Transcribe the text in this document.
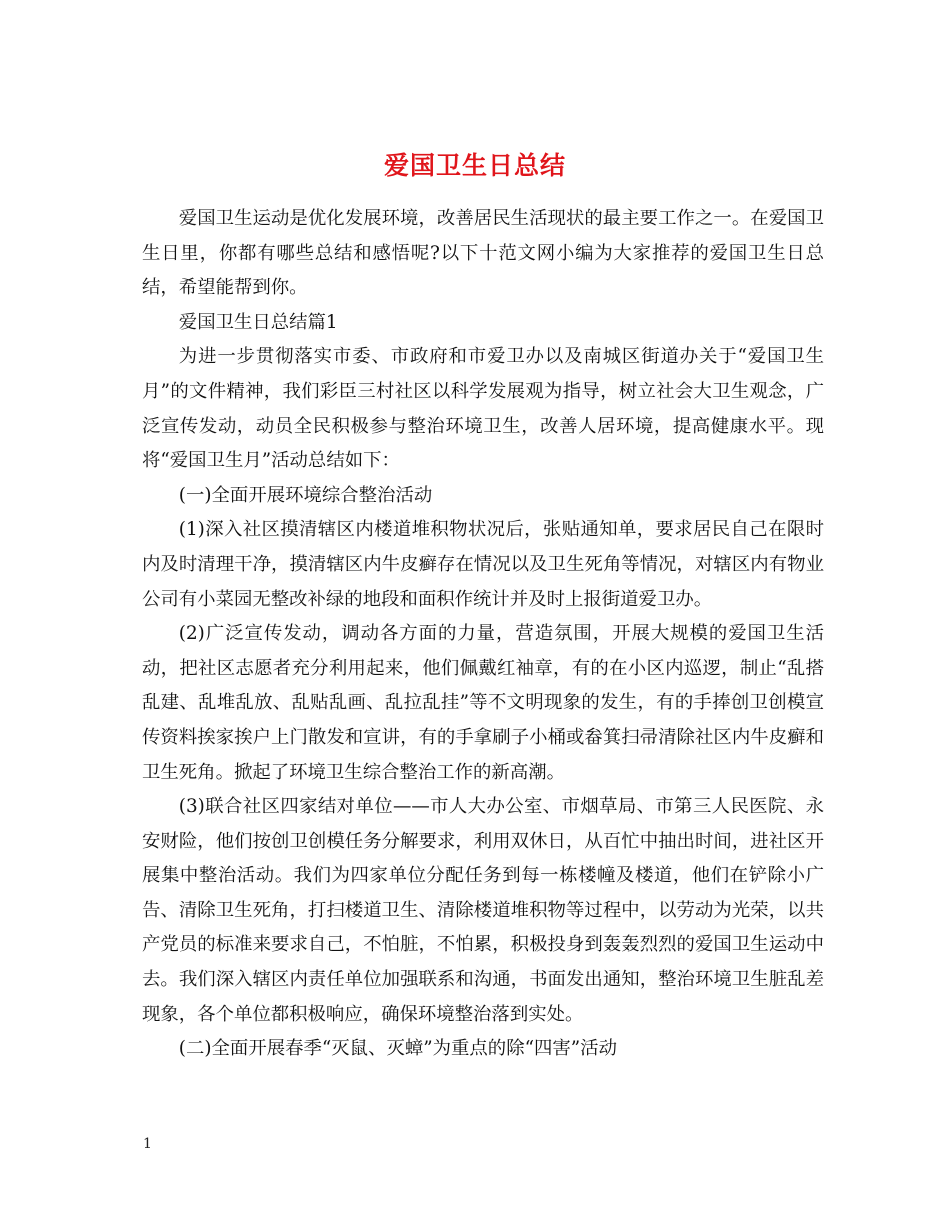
爱国卫生日总结

爱国卫生运动是优化发展环境，改善居民生活现状的最主要工作之一。在爱国卫生日里，你都有哪些总结和感悟呢?以下十范文网小编为大家推荐的爱国卫生日总结，希望能帮到你。

爱国卫生日总结篇1

为进一步贯彻落实市委、市政府和市爱卫办以及南城区街道办关于“爱国卫生月”的文件精神，我们彩臣三村社区以科学发展观为指导，树立社会大卫生观念，广泛宣传发动，动员全民积极参与整治环境卫生，改善人居环境，提高健康水平。现将“爱国卫生月”活动总结如下：

(一)全面开展环境综合整治活动

(1)深入社区摸清辖区内楼道堆积物状况后，张贴通知单，要求居民自己在限时内及时清理干净，摸清辖区内牛皮癣存在情况以及卫生死角等情况，对辖区内有物业公司有小菜园无整改补绿的地段和面积作统计并及时上报街道爱卫办。

(2)广泛宣传发动，调动各方面的力量，营造氛围，开展大规模的爱国卫生活动，把社区志愿者充分利用起来，他们佩戴红袖章，有的在小区内巡逻，制止“乱搭乱建、乱堆乱放、乱贴乱画、乱拉乱挂”等不文明现象的发生，有的手捧创卫创模宣传资料挨家挨户上门散发和宣讲，有的手拿刷子小桶或畚箕扫帚清除社区内牛皮癣和卫生死角。掀起了环境卫生综合整治工作的新高潮。

(3)联合社区四家结对单位——市人大办公室、市烟草局、市第三人民医院、永安财险，他们按创卫创模任务分解要求，利用双休日，从百忙中抽出时间，进社区开展集中整治活动。我们为四家单位分配任务到每一栋楼幢及楼道，他们在铲除小广告、清除卫生死角，打扫楼道卫生、清除楼道堆积物等过程中，以劳动为光荣，以共产党员的标准来要求自己，不怕脏，不怕累，积极投身到轰轰烈烈的爱国卫生运动中去。我们深入辖区内责任单位加强联系和沟通，书面发出通知，整治环境卫生脏乱差现象，各个单位都积极响应，确保环境整治落到实处。

(二)全面开展春季“灭鼠、灭蟑”为重点的除“四害”活动

1
